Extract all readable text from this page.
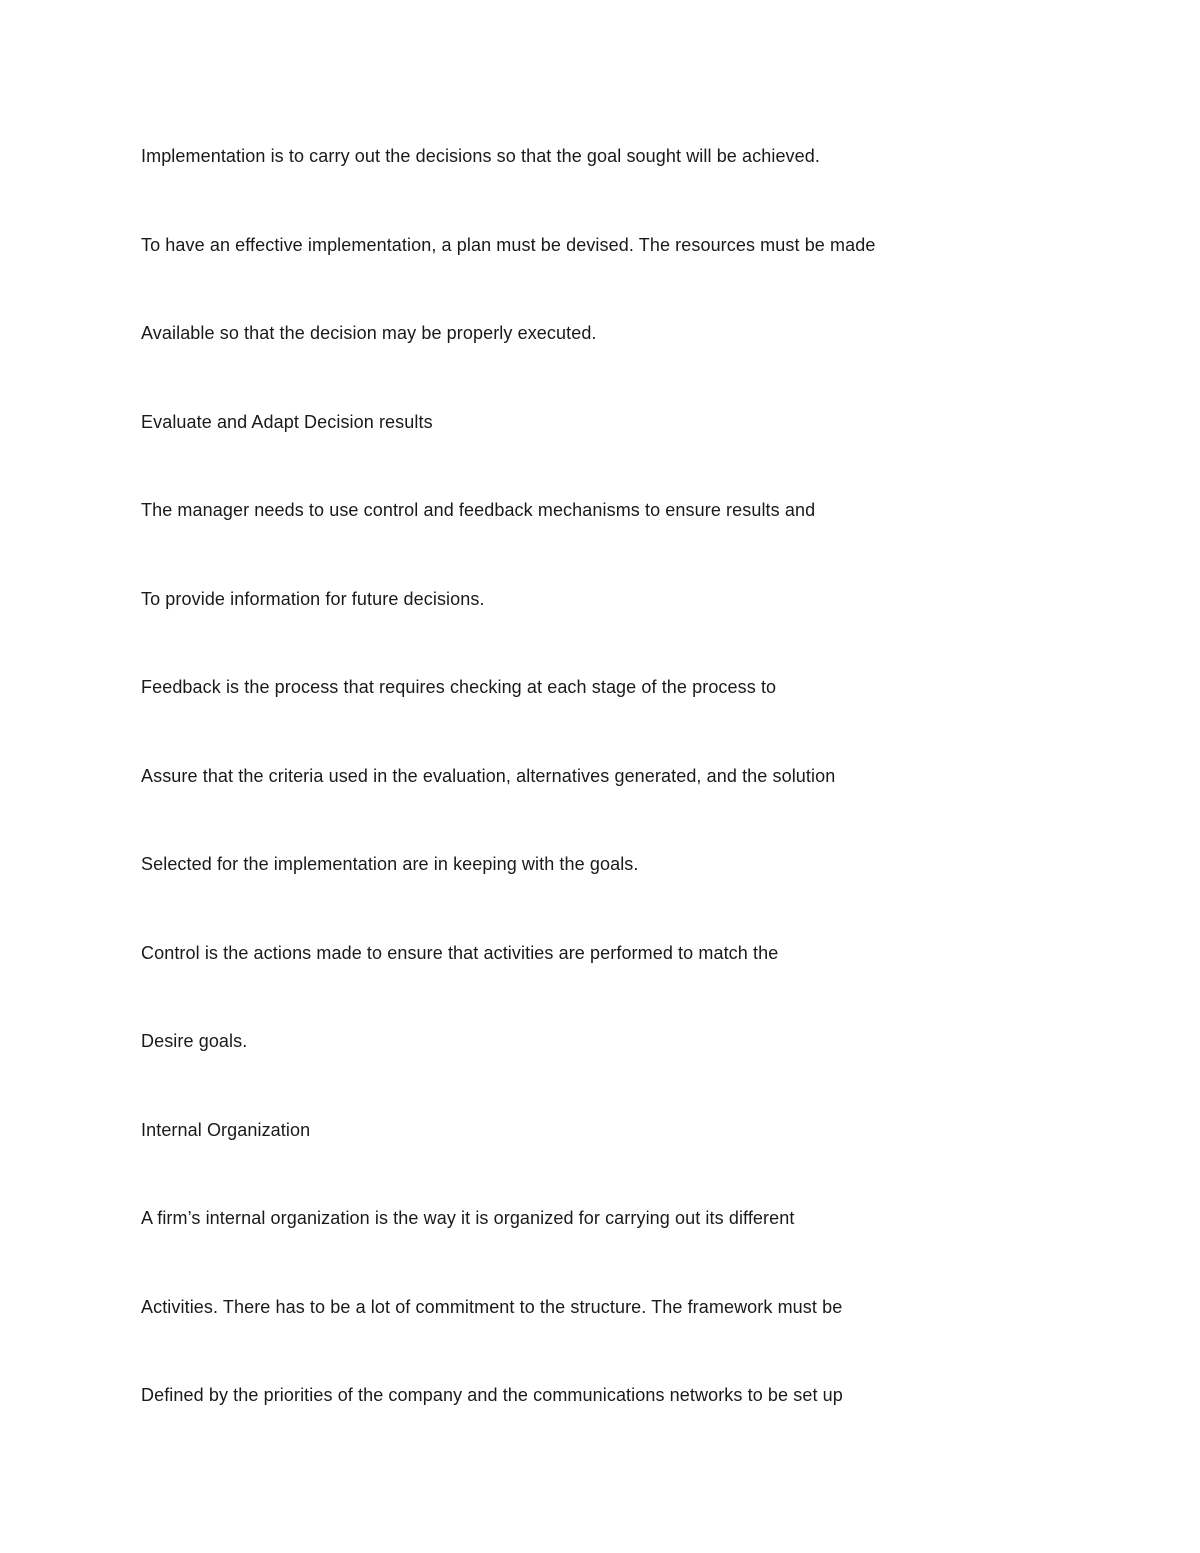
Implementation is to carry out the decisions so that the goal sought will be achieved.

To have an effective implementation, a plan must be devised. The resources must be made

Available so that the decision may be properly executed.

Evaluate and Adapt Decision results

The manager needs to use control and feedback mechanisms to ensure results and

To provide information for future decisions.

Feedback is the process that requires checking at each stage of the process to

Assure that the criteria used in the evaluation, alternatives generated, and the solution

Selected for the implementation are in keeping with the goals.

Control is the actions made to ensure that activities are performed to match the

Desire goals.

Internal Organization

A firm’s internal organization is the way it is organized for carrying out its different

Activities. There has to be a lot of commitment to the structure. The framework must be

Defined by the priorities of the company and the communications networks to be set up
